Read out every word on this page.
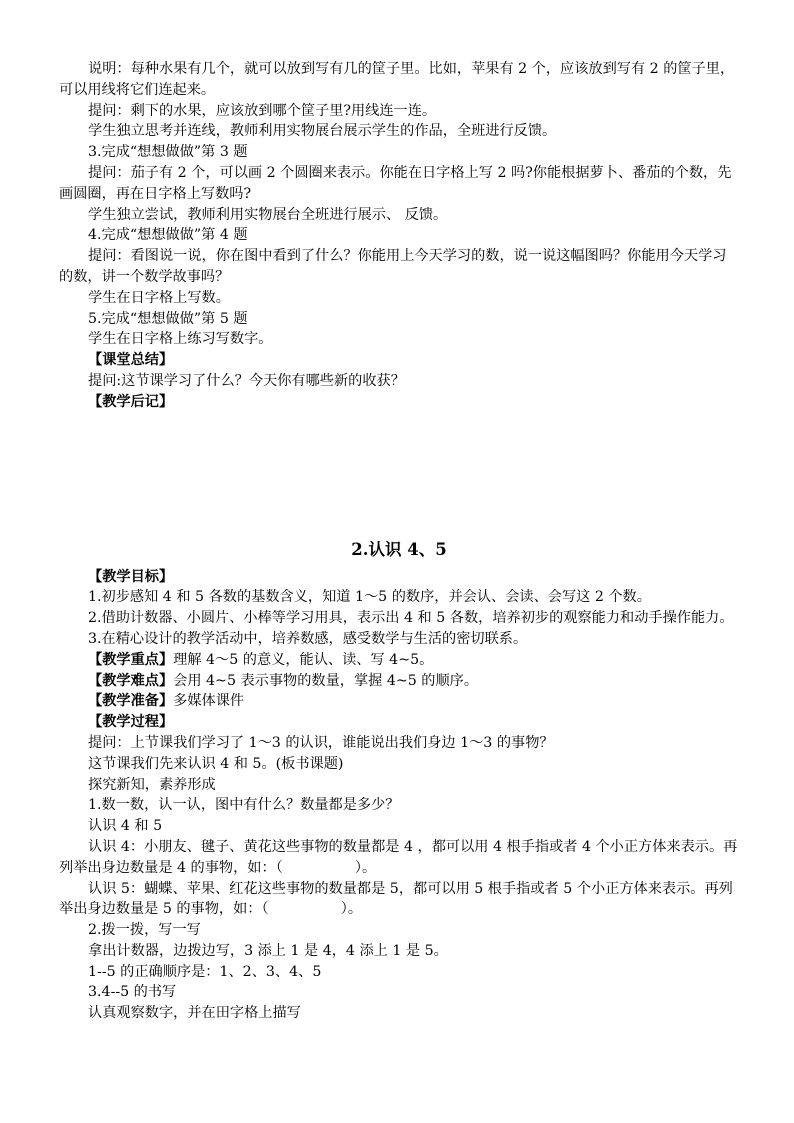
说明：每种水果有几个，就可以放到写有几的筐子里。比如，苹果有 2 个，应该放到写有 2 的筐子里，可以用线将它们连起来。
提问：剩下的水果，应该放到哪个筐子里?用线连一连。
学生独立思考并连线，教师利用实物展台展示学生的作品，全班进行反馈。
3.完成“想想做做”第 3 题
提问：茄子有 2 个，可以画 2 个圆圈来表示。你能在日字格上写 2 吗?你能根据萝卜、番茄的个数，先画圆圈，再在日字格上写数吗?
学生独立尝试，教师利用实物展台全班进行展示、 反馈。
4.完成“想想做做”第 4 题
提问：看图说一说，你在图中看到了什么？你能用上今天学习的数，说一说这幅图吗？你能用今天学习的数，讲一个数学故事吗？
学生在日字格上写数。
5.完成“想想做做”第 5 题
学生在日字格上练习写数字。
【课堂总结】
提问:这节课学习了什么？今天你有哪些新的收获？
【教学后记】
2.认识 4、5
【教学目标】
1.初步感知 4 和 5 各数的基数含义，知道 1～5 的数序，并会认、会读、会写这 2 个数。
2.借助计数器、小圆片、小棒等学习用具，表示出 4 和 5 各数，培养初步的观察能力和动手操作能力。
3.在精心设计的教学活动中，培养数感，感受数学与生活的密切联系。
【教学重点】理解 4～5 的意义，能认、读、写 4~5。
【教学难点】会用 4~5 表示事物的数量，掌握 4~5 的顺序。
【教学准备】多媒体课件
【教学过程】
提问：上节课我们学习了 1～3 的认识，谁能说出我们身边 1～3 的事物？
这节课我们先来认识 4 和 5。(板书课题)
探究新知，素养形成
1.数一数，认一认，图中有什么？数量都是多少？
认识 4 和 5
认识 4：小朋友、毽子、黄花这些事物的数量都是 4 ，都可以用 4 根手指或者 4 个小正方体来表示。再列举出身边数量是 4 的事物，如：（                ）。
认识 5：蝴蝶、苹果、红花这些事物的数量都是 5，都可以用 5 根手指或者 5 个小正方体来表示。再列举出身边数量是 5 的事物，如：（                ）。
2.拨一拨，写一写
拿出计数器，边拨边写，3 添上 1 是 4，4 添上 1 是 5。
1--5 的正确顺序是：1、2、3、4、5
3.4--5 的书写
认真观察数字，并在田字格上描写
